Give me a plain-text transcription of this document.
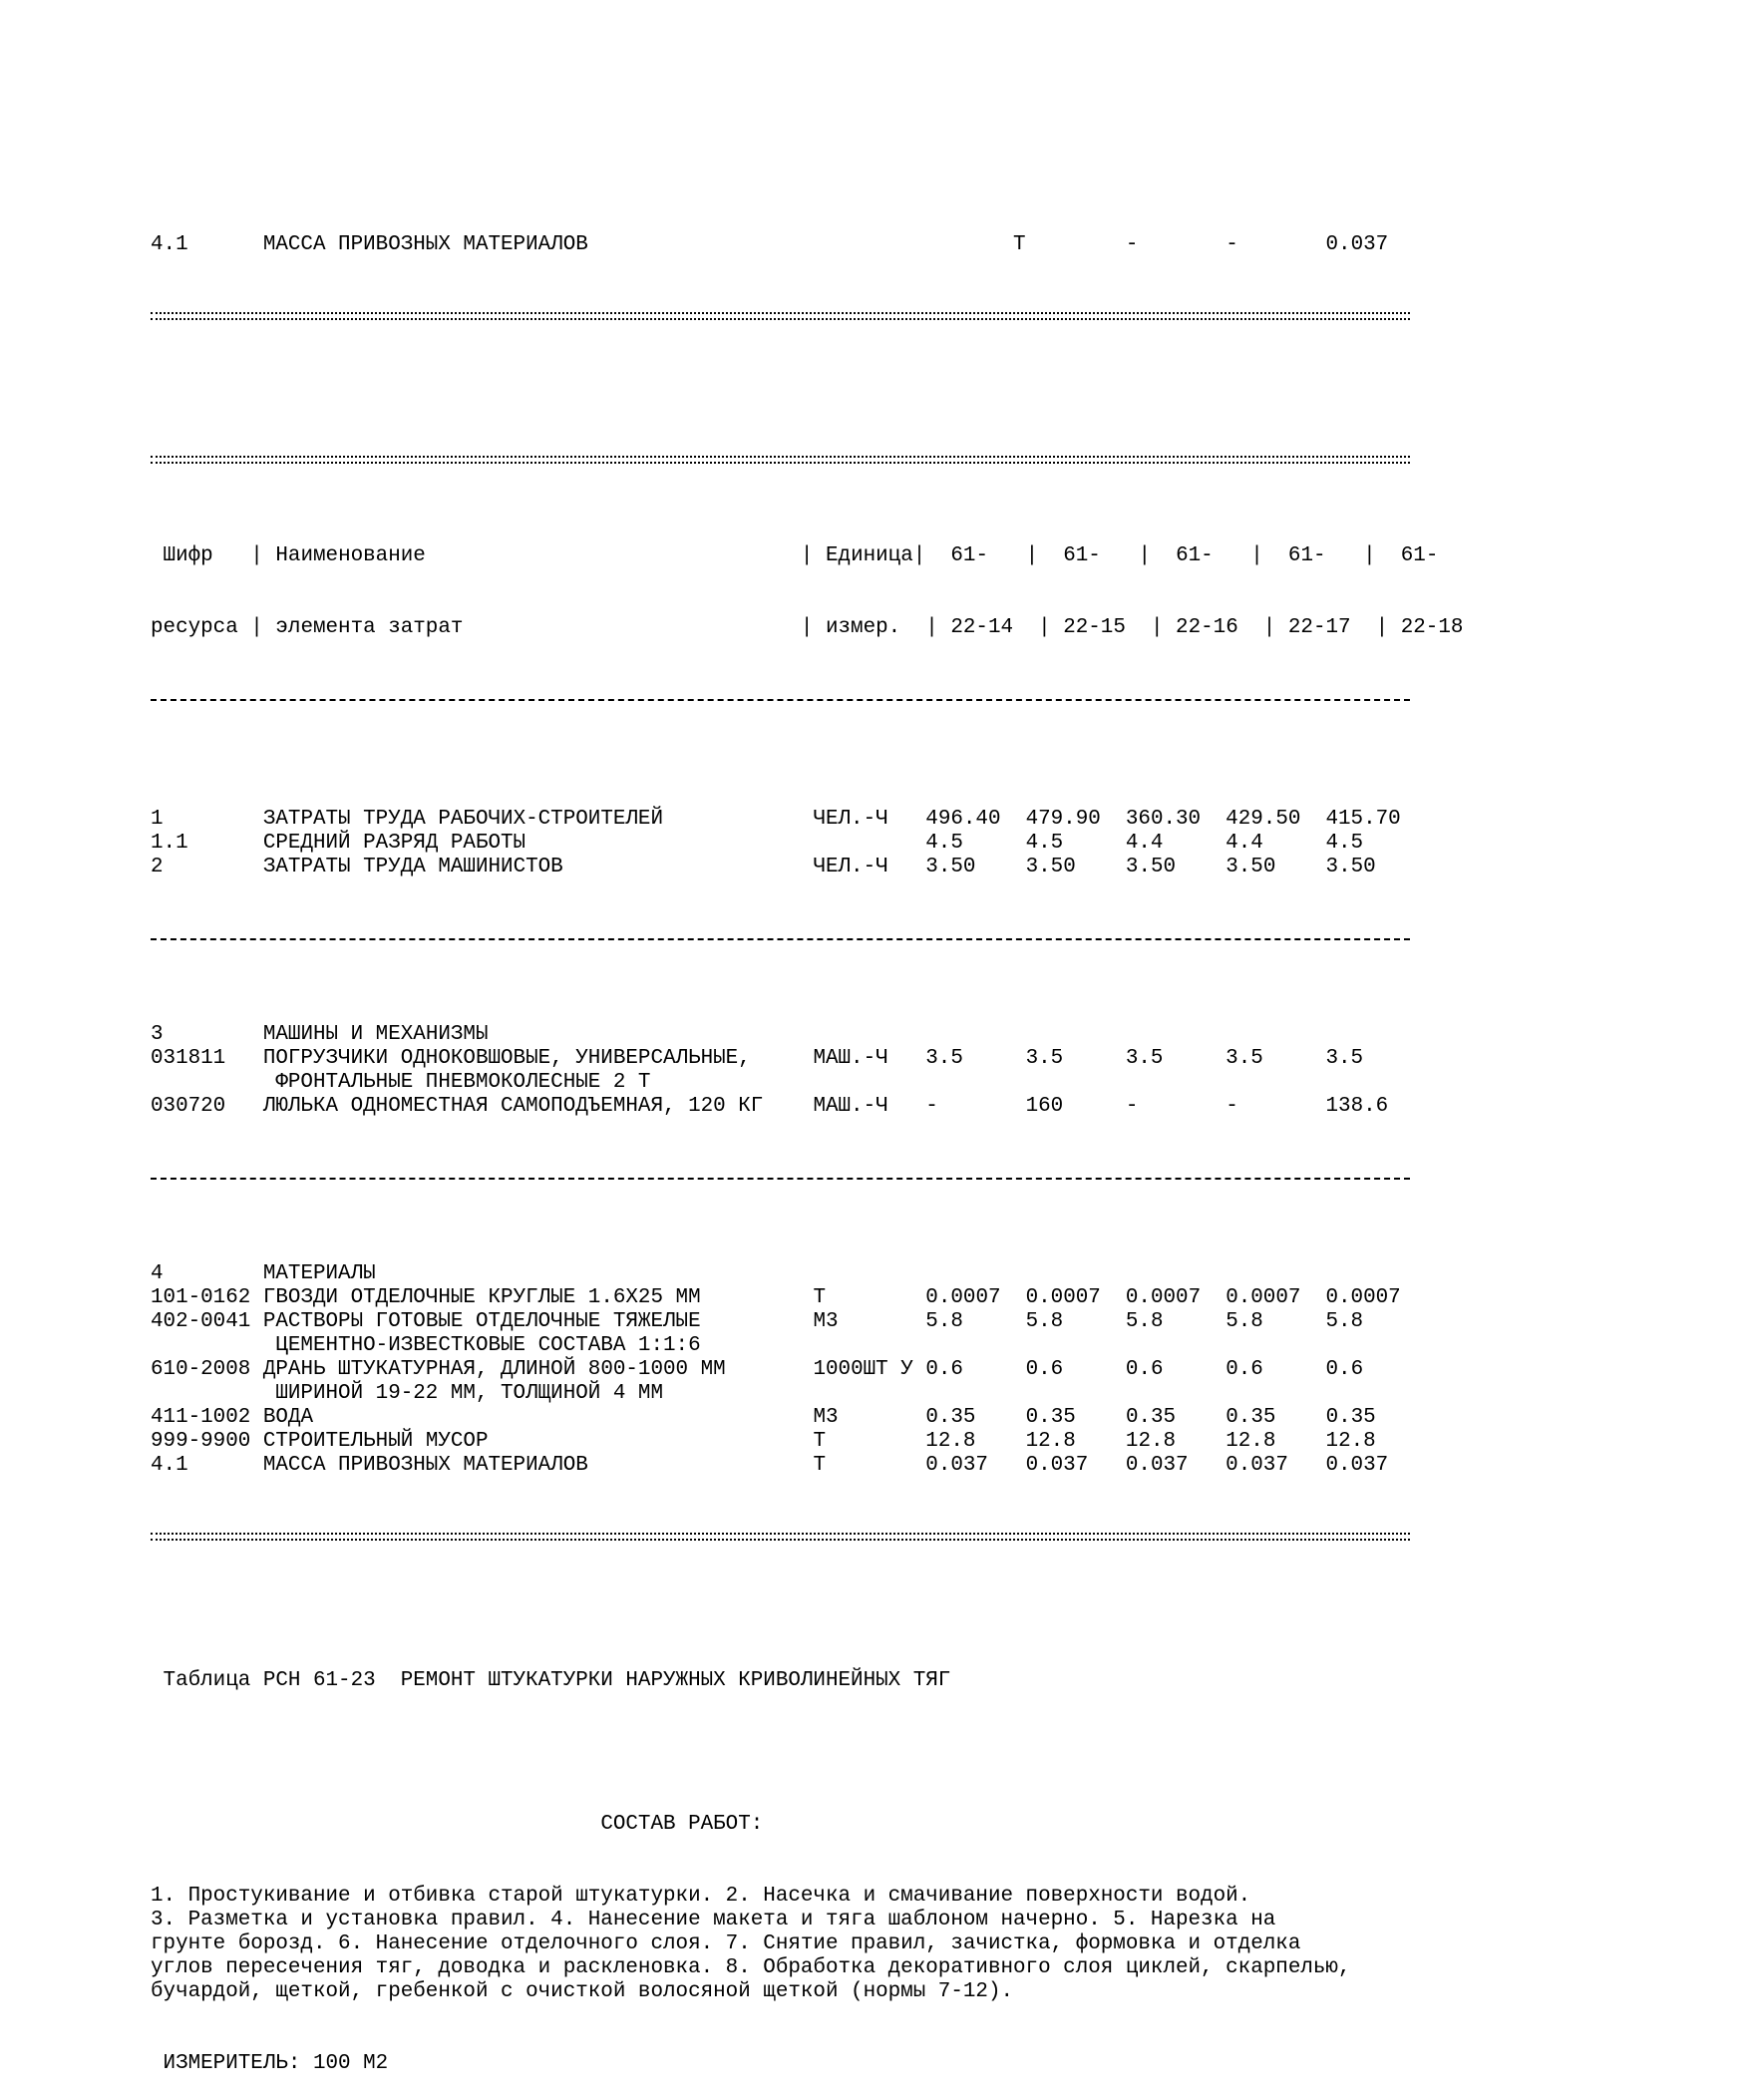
4.1	МАССА ПРИВОЗНЫХ МАТЕРИАЛОВ	Т	-	-	0.037

Шифр   | Наименование                              | Единица| 61-   | 61-   | 61-   | 61-   | 61-

ресурса | элемента затрат                           | измер.  | 22-14  | 22-15  | 22-16  | 22-17  | 22-18

1	ЗАТРАТЫ ТРУДА РАБОЧИХ-СТРОИТЕЛЕЙ	ЧЕЛ.-Ч 496.40 479.90 360.30 429.50 415.70
1.1	СРЕДНИЙ РАЗРЯД РАБОТЫ	4.5	4.5	4.4	4.4	4.5
2	ЗАТРАТЫ ТРУДА МАШИНИСТОВ	ЧЕЛ.-Ч 3.50 3.50 3.50 3.50 3.50

3	МАШИНЫ И МЕХАНИЗМЫ
031811 ПОГРУЗЧИКИ ОДНОКОВШОВЫЕ, УНИВЕРСАЛЬНЫЕ,	МАШ.-Ч 3.5	3.5	3.5	3.5	3.5
ФРОНТАЛЬНЫЕ ПНЕВМОКОЛЕСНЫЕ 2 Т
030720 ЛЮЛЬКА ОДНОМЕСТНАЯ САМОПОДЪЕМНАЯ, 120 КГ МАШ.-Ч -	160	-	-	138.6

4	МАТЕРИАЛЫ
101-0162 ГВОЗДИ ОТДЕЛОЧНЫЕ КРУГЛЫЕ 1.6Х25 ММ	Т	0.0007 0.0007 0.0007 0.0007 0.0007
402-0041 РАСТВОРЫ ГОТОВЫЕ ОТДЕЛОЧНЫЕ ТЯЖЕЛЫЕ	М3	5.8	5.8	5.8	5.8	5.8
ЦЕМЕНТНО-ИЗВЕСТКОВЫЕ СОСТАВА 1:1:6
610-2008 ДРАНЬ ШТУКАТУРНАЯ, ДЛИНОЙ 800-1000 ММ	1000ШТ У 0.6	0.6	0.6	0.6	0.6
ШИРИНОЙ 19-22 ММ, ТОЛЩИНОЙ 4 ММ
411-1002 ВОДА	М3	0.35 0.35 0.35 0.35 0.35
999-9900 СТРОИТЕЛЬНЫЙ МУСОР	Т	12.8 12.8 12.8 12.8 12.8
4.1	МАССА ПРИВОЗНЫХ МАТЕРИАЛОВ	Т	0.037 0.037 0.037 0.037 0.037

Таблица РСН 61-23  РЕМОНТ ШТУКАТУРКИ НАРУЖНЫХ КРИВОЛИНЕЙНЫХ ТЯГ

СОСТАВ РАБОТ:

1. Простукивание и отбивка старой штукатурки. 2. Насечка и смачивание поверхности водой.
3. Разметка и установка правил. 4. Нанесение макета и тяга шаблоном начерно. 5. Нарезка на
грунте борозд. 6. Нанесение отделочного слоя. 7. Снятие правил, зачистка, формовка и отделка
углов пересечения тяг, доводка и раскленовка. 8. Обработка декоративного слоя циклей, скарпелью,
бучардой, щеткой, гребенкой с очисткой волосяной щеткой (нормы 7-12).

ИЗМЕРИТЕЛЬ: 100 М2
